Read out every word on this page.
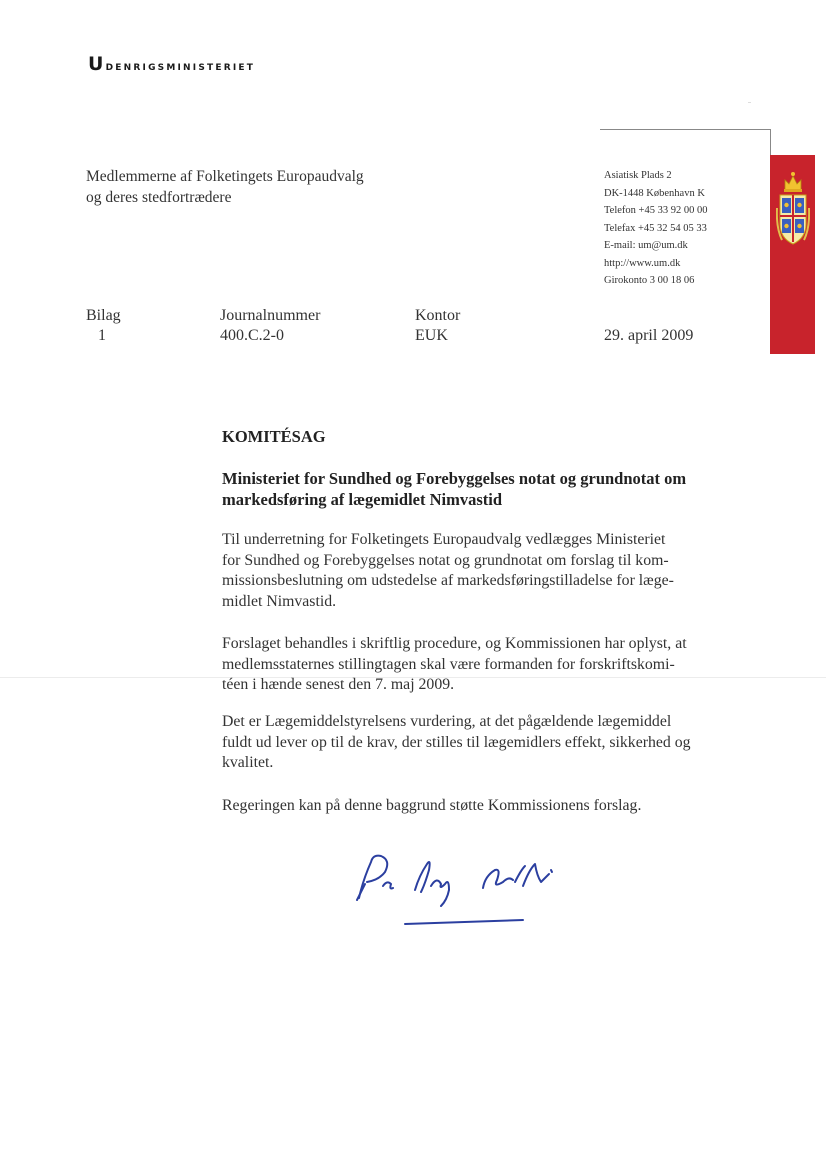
Udenrigsministeriet
Medlemmerne af Folketingets Europaudvalg
og deres stedfortrædere
Asiatisk Plads 2
DK-1448 København K
Telefon +45 33 92 00 00
Telefax +45 32 54 05 33
E-mail: um@um.dk
http://www.um.dk
Girokonto 3 00 18 06
Bilag
1
Journalnummer
400.C.2-0
Kontor
EUK	29. april 2009
KOMITÉSAG
Ministeriet for Sundhed og Forebyggelses notat og grundnotat om
markedsføring af lægemidlet Nimvastid
Til underretning for Folketingets Europaudvalg vedlægges Ministeriet
for Sundhed og Forebyggelses notat og grundnotat om forslag til kom-
missionsbeslutning om udstedelse af markedsføringstilladelse for læge-
midlet Nimvastid.
Forslaget behandles i skriftlig procedure, og Kommissionen har oplyst, at
medlemsstaternes stillingtagen skal være formanden for forskriftskomi-
téen i hænde senest den 7. maj 2009.
Det er Lægemiddelstyrelsens vurdering, at det pågældende lægemiddel
fuldt ud lever op til de krav, der stilles til lægemidlers effekt, sikkerhed og
kvalitet.
Regeringen kan på denne baggrund støtte Kommissionens forslag.
